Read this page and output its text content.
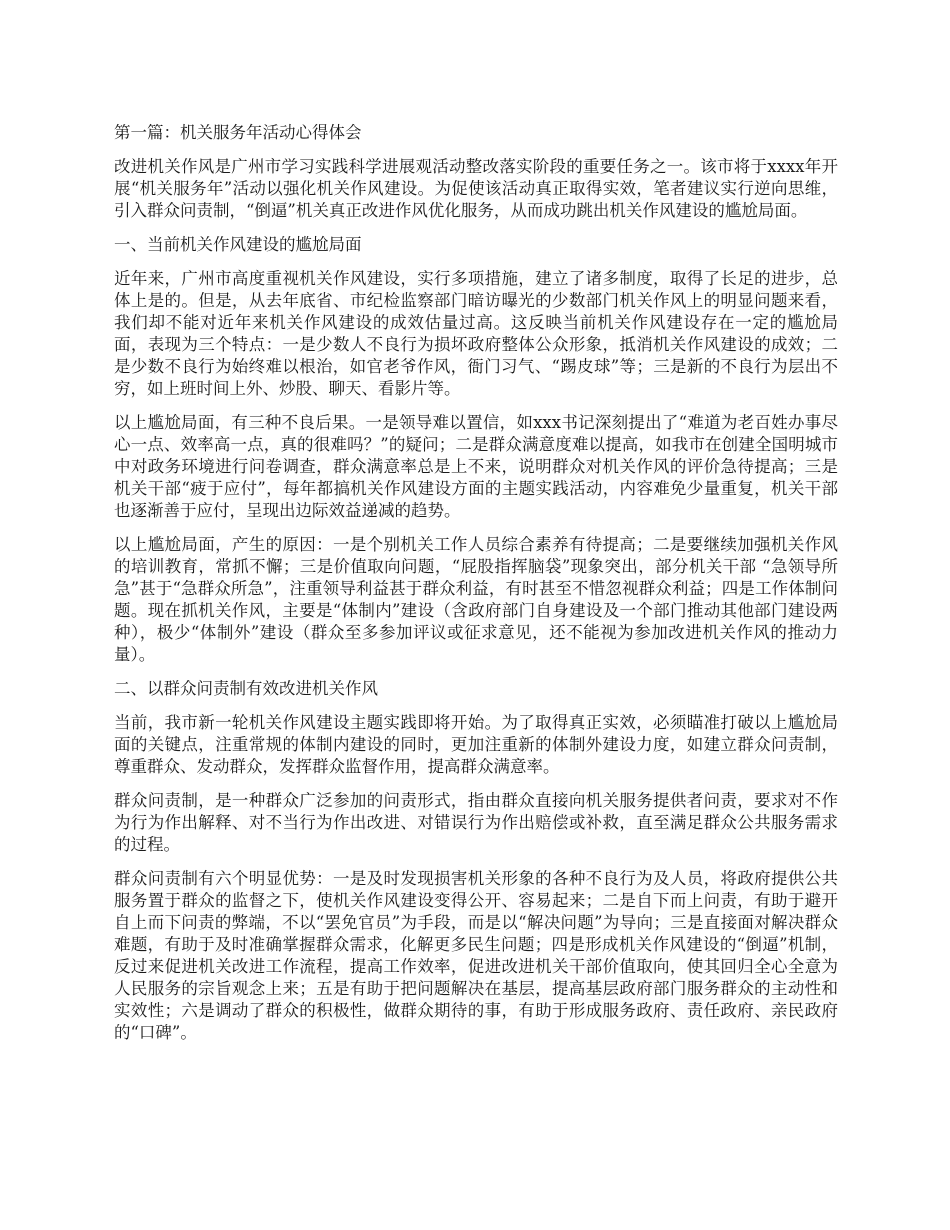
第一篇：机关服务年活动心得体会

改进机关作风是广州市学习实践科学进展观活动整改落实阶段的重要任务之一。该市将于xxxx年开展“机关服务年”活动以强化机关作风建设。为促使该活动真正取得实效，笔者建议实行逆向思维，引入群众问责制，“倒逼”机关真正改进作风优化服务，从而成功跳出机关作风建设的尴尬局面。

一、当前机关作风建设的尴尬局面

近年来，广州市高度重视机关作风建设，实行多项措施，建立了诸多制度，取得了长足的进步，总体上是的。但是，从去年底省、市纪检监察部门暗访曝光的少数部门机关作风上的明显问题来看，我们却不能对近年来机关作风建设的成效估量过高。这反映当前机关作风建设存在一定的尴尬局面，表现为三个特点：一是少数人不良行为损坏政府整体公众形象，抵消机关作风建设的成效；二是少数不良行为始终难以根治，如官老爷作风，衙门习气、“踢皮球”等；三是新的不良行为层出不穷，如上班时间上外、炒股、聊天、看影片等。

以上尴尬局面，有三种不良后果。一是领导难以置信，如xxx书记深刻提出了“难道为老百姓办事尽心一点、效率高一点，真的很难吗？”的疑问；二是群众满意度难以提高，如我市在创建全国明城市中对政务环境进行问卷调查，群众满意率总是上不来，说明群众对机关作风的评价急待提高；三是机关干部“疲于应付”，每年都搞机关作风建设方面的主题实践活动，内容难免少量重复，机关干部也逐渐善于应付，呈现出边际效益递减的趋势。

以上尴尬局面，产生的原因：一是个别机关工作人员综合素养有待提高；二是要继续加强机关作风的培训教育，常抓不懈；三是价值取向问题，“屁股指挥脑袋”现象突出，部分机关干部 “急领导所急”甚于“急群众所急”，注重领导利益甚于群众利益，有时甚至不惜忽视群众利益；四是工作体制问题。现在抓机关作风，主要是“体制内”建设（含政府部门自身建设及一个部门推动其他部门建设两种），极少“体制外”建设（群众至多参加评议或征求意见，还不能视为参加改进机关作风的推动力量）。

二、以群众问责制有效改进机关作风

当前，我市新一轮机关作风建设主题实践即将开始。为了取得真正实效，必须瞄准打破以上尴尬局面的关键点，注重常规的体制内建设的同时，更加注重新的体制外建设力度，如建立群众问责制，尊重群众、发动群众，发挥群众监督作用，提高群众满意率。

群众问责制，是一种群众广泛参加的问责形式，指由群众直接向机关服务提供者问责，要求对不作为行为作出解释、对不当行为作出改进、对错误行为作出赔偿或补救，直至满足群众公共服务需求的过程。

群众问责制有六个明显优势：一是及时发现损害机关形象的各种不良行为及人员，将政府提供公共服务置于群众的监督之下，使机关作风建设变得公开、容易起来；二是自下而上问责，有助于避开自上而下问责的弊端，不以“罢免官员”为手段，而是以“解决问题”为导向；三是直接面对解决群众难题，有助于及时准确掌握群众需求，化解更多民生问题；四是形成机关作风建设的“倒逼”机制，反过来促进机关改进工作流程，提高工作效率，促进改进机关干部价值取向，使其回归全心全意为人民服务的宗旨观念上来；五是有助于把问题解决在基层，提高基层政府部门服务群众的主动性和实效性；六是调动了群众的积极性，做群众期待的事，有助于形成服务政府、责任政府、亲民政府的“口碑”。
